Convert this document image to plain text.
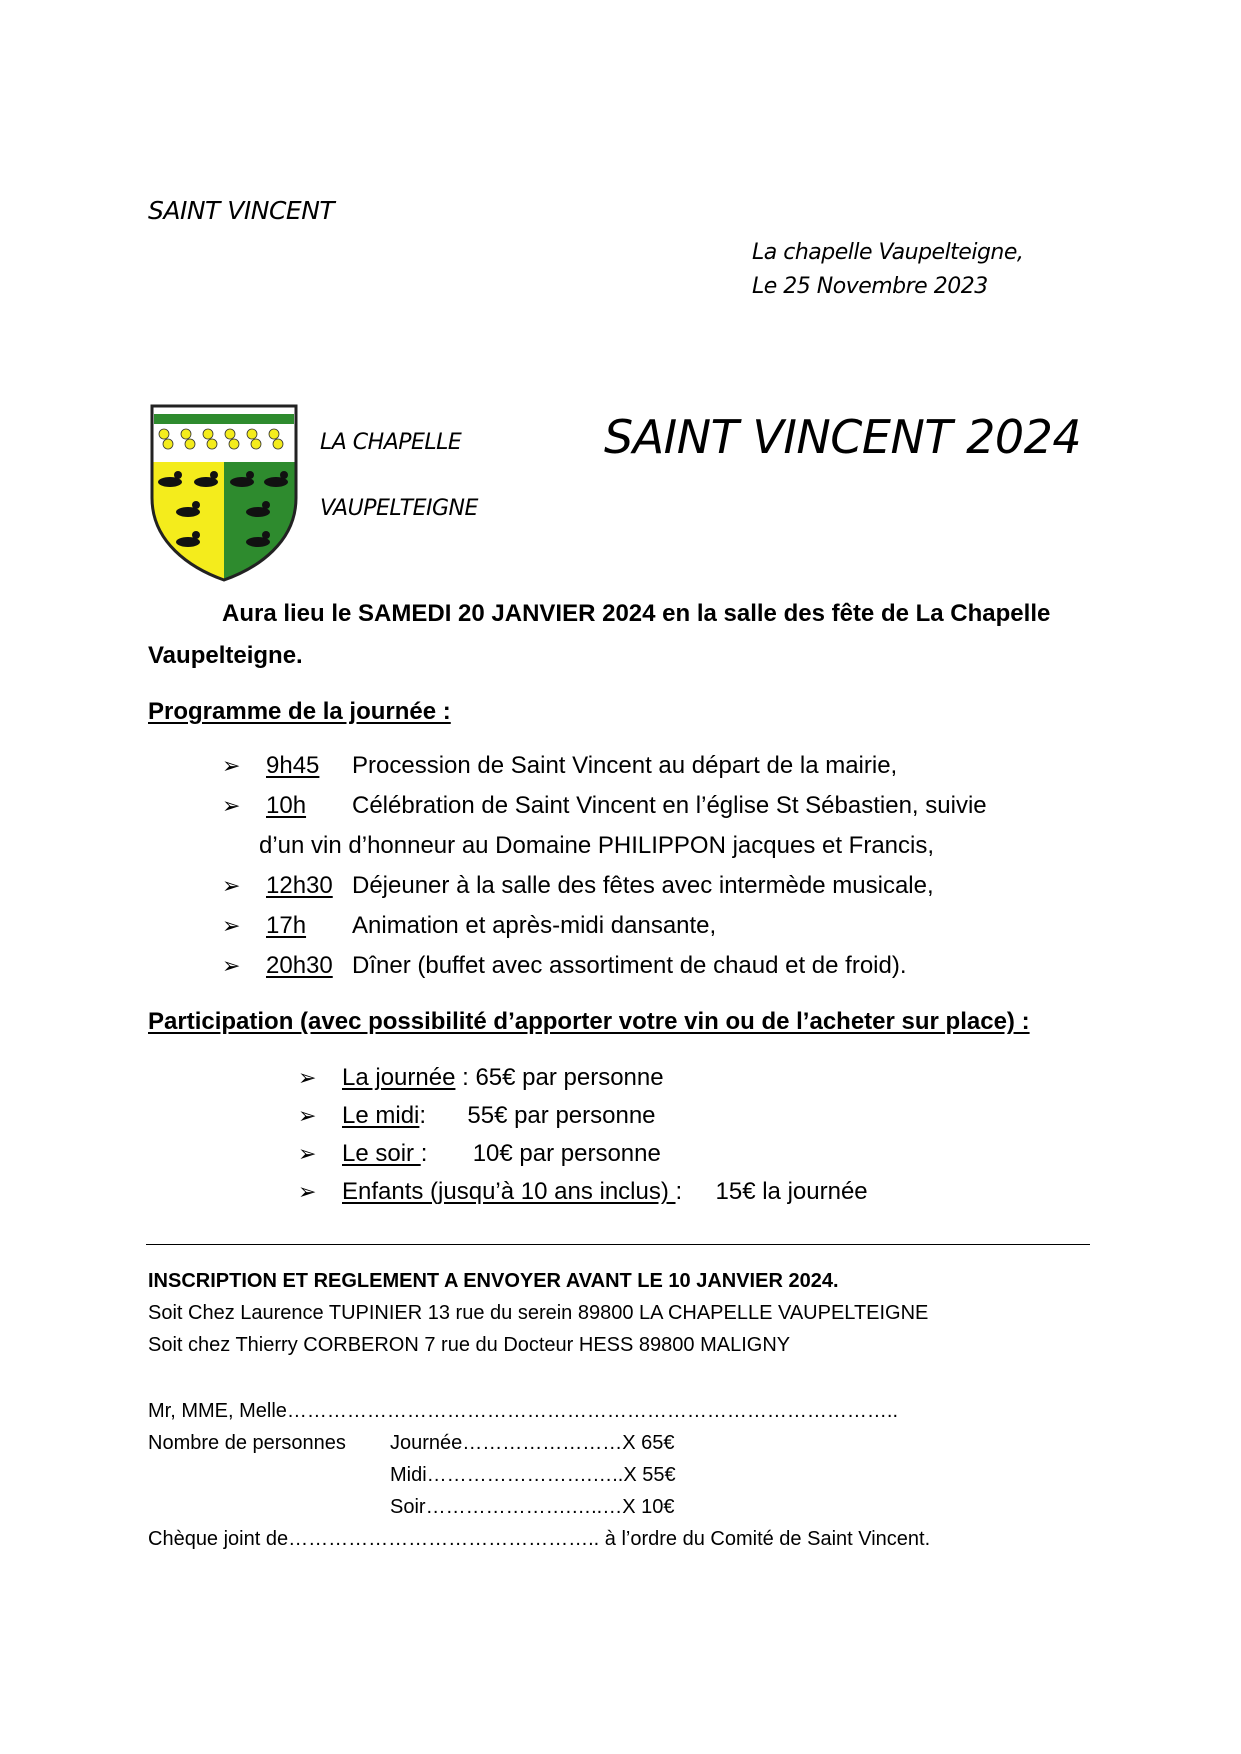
SAINT VINCENT
La chapelle Vaupelteigne,
Le 25 Novembre 2023
LA CHAPELLE
VAUPELTEIGNE
SAINT VINCENT 2024
Aura lieu le SAMEDI 20 JANVIER 2024 en la salle des fête de La Chapelle
Vaupelteigne.
Programme de la journée :
➢ 9h45Procession de Saint Vincent au départ de la mairie,
➢ 10hCélébration de Saint Vincent en l’église St Sébastien, suivie
d’un vin d’honneur au Domaine PHILIPPON jacques et Francis,
➢ 12h30Déjeuner à la salle des fêtes avec intermède musicale,
➢ 17h Animation et après-midi dansante,
➢ 20h30Dîner (buffet avec assortiment de chaud et de froid).
Participation (avec possibilité d’apporter votre vin ou de l’acheter sur place) :
➢ La journée : 65€ par personne
➢ Le midi: 55€ par personne
➢ Le soir : 10€ par personne
➢ Enfants (jusqu’à 10 ans inclus) : 15€ la journée
INSCRIPTION ET REGLEMENT A ENVOYER AVANT LE 10 JANVIER 2024.
Soit Chez Laurence TUPINIER 13 rue du serein 89800 LA CHAPELLE VAUPELTEIGNE
Soit chez Thierry CORBERON 7 rue du Docteur HESS 89800 MALIGNY
Mr, MME, Melle………………………………………………………………………………..
Nombre de personnes Journée……………………X 65€
Midi…………………….…..X 55€
Soir………………….…..…X 10€
Chèque joint de……………………………………….. à l’ordre du Comité de Saint Vincent.
